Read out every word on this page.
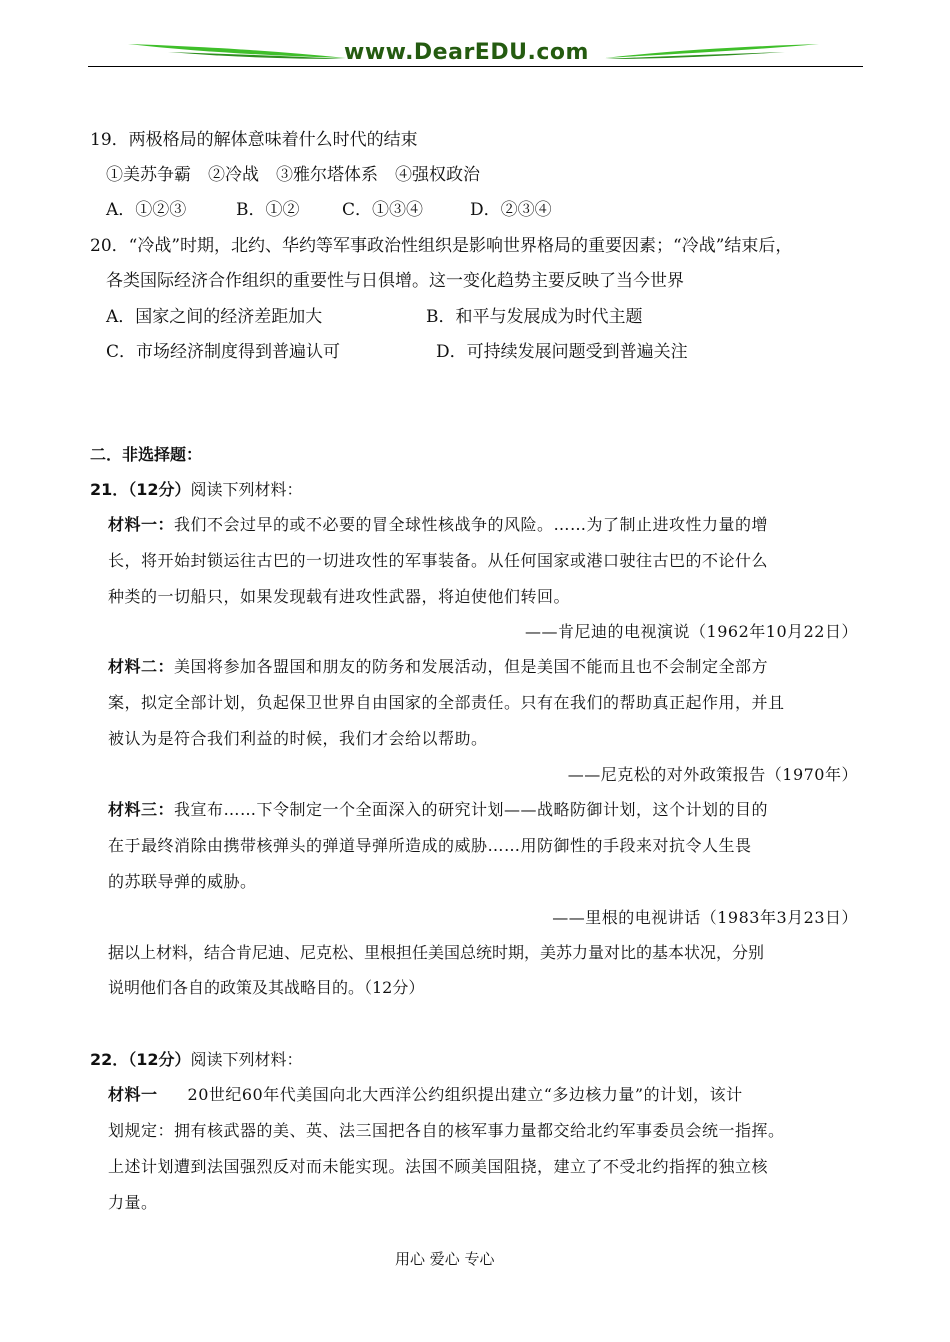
www.DearEDU.com
19．两极格局的解体意味着什么时代的结束
①美苏争霸　②冷战　③雅尔塔体系　④强权政治
A．①②③	B．①②	C．①③④	D．②③④
20．“冷战”时期，北约、华约等军事政治性组织是影响世界格局的重要因素；“冷战”结束后，
各类国际经济合作组织的重要性与日俱增。这一变化趋势主要反映了当今世界
A．国家之间的经济差距加大	B．和平与发展成为时代主题
C．市场经济制度得到普遍认可	D．可持续发展问题受到普遍关注
二．非选择题：
21．（12分）阅读下列材料：
材料一：我们不会过早的或不必要的冒全球性核战争的风险。……为了制止进攻性力量的增
长，将开始封锁运往古巴的一切进攻性的军事装备。从任何国家或港口驶往古巴的不论什么
种类的一切船只，如果发现载有进攻性武器，将迫使他们转回。
——肯尼迪的电视演说（1962年10月22日）
材料二：美国将参加各盟国和朋友的防务和发展活动，但是美国不能而且也不会制定全部方
案，拟定全部计划，负起保卫世界自由国家的全部责任。只有在我们的帮助真正起作用，并且
被认为是符合我们利益的时候，我们才会给以帮助。
——尼克松的对外政策报告（1970年）
材料三：我宣布……下令制定一个全面深入的研究计划——战略防御计划，这个计划的目的
在于最终消除由携带核弹头的弹道导弹所造成的威胁……用防御性的手段来对抗令人生畏
的苏联导弹的威胁。
——里根的电视讲话（1983年3月23日）
据以上材料，结合肯尼迪、尼克松、里根担任美国总统时期，美苏力量对比的基本状况，分别
说明他们各自的政策及其战略目的。（12分）
22．（12分）阅读下列材料：
材料一 20世纪60年代美国向北大西洋公约组织提出建立“多边核力量”的计划，该计
划规定：拥有核武器的美、英、法三国把各自的核军事力量都交给北约军事委员会统一指挥。
上述计划遭到法国强烈反对而未能实现。法国不顾美国阻挠，建立了不受北约指挥的独立核
力量。
用心 爱心 专心
